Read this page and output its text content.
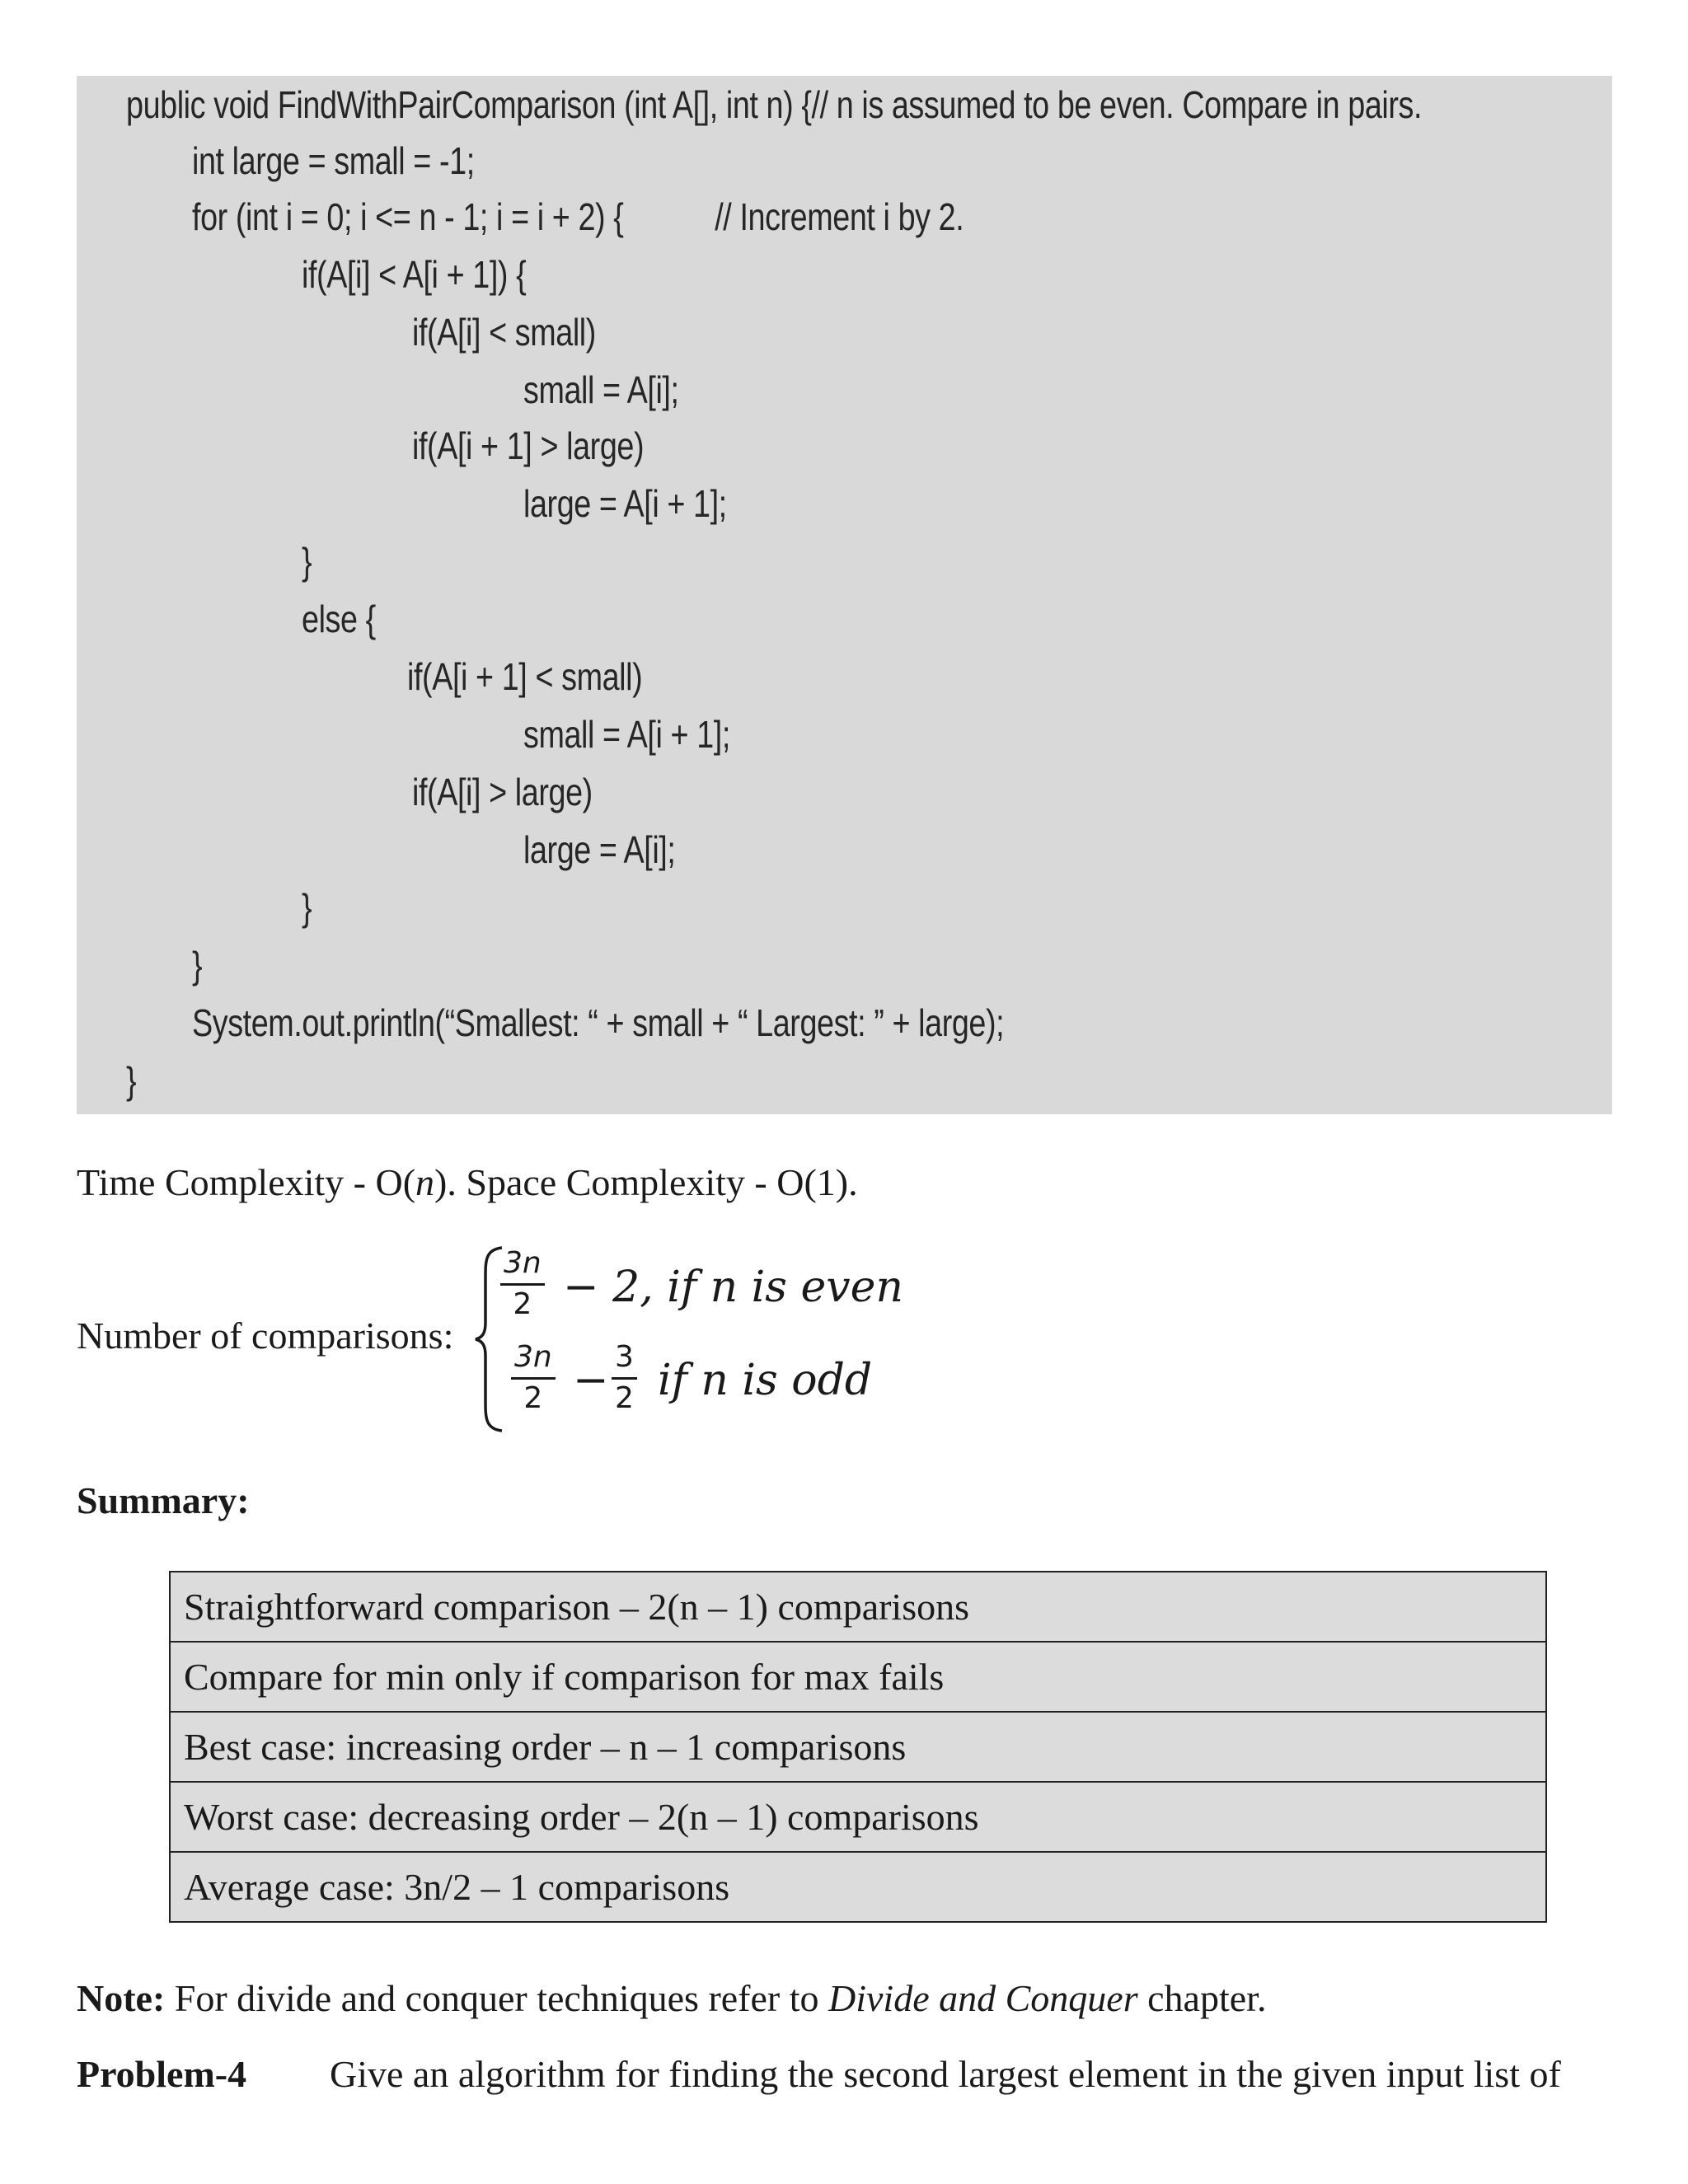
public void FindWithPairComparison (int A[], int n) {// n is assumed to be even. Compare in pairs.
int large = small = -1;
for (int i = 0; i <= n - 1; i = i + 2) {           // Increment i by 2.
if(A[i] < A[i + 1]) {
if(A[i] < small)
small = A[i];
if(A[i + 1] > large)
large = A[i + 1];
}
else {
if(A[i + 1] < small)
small = A[i + 1];
if(A[i] > large)
large = A[i];
}
}
System.out.println(“Smallest: “ + small + “ Largest: ” + large);
}
Time Complexity - O(n). Space Complexity - O(1).
Number of comparisons:
3n
2 − 2, if n is even
3n
2 − 3
2 if n is odd
Summary:
Straightforward comparison – 2(n – 1) comparisons
Compare for min only if comparison for max fails
Best case: increasing order – n – 1 comparisons
Worst case: decreasing order – 2(n – 1) comparisons
Average case: 3n/2 – 1 comparisons
Note: For divide and conquer techniques refer to Divide and Conquer chapter.
Problem-4 Give an algorithm for finding the second largest element in the given input list of
